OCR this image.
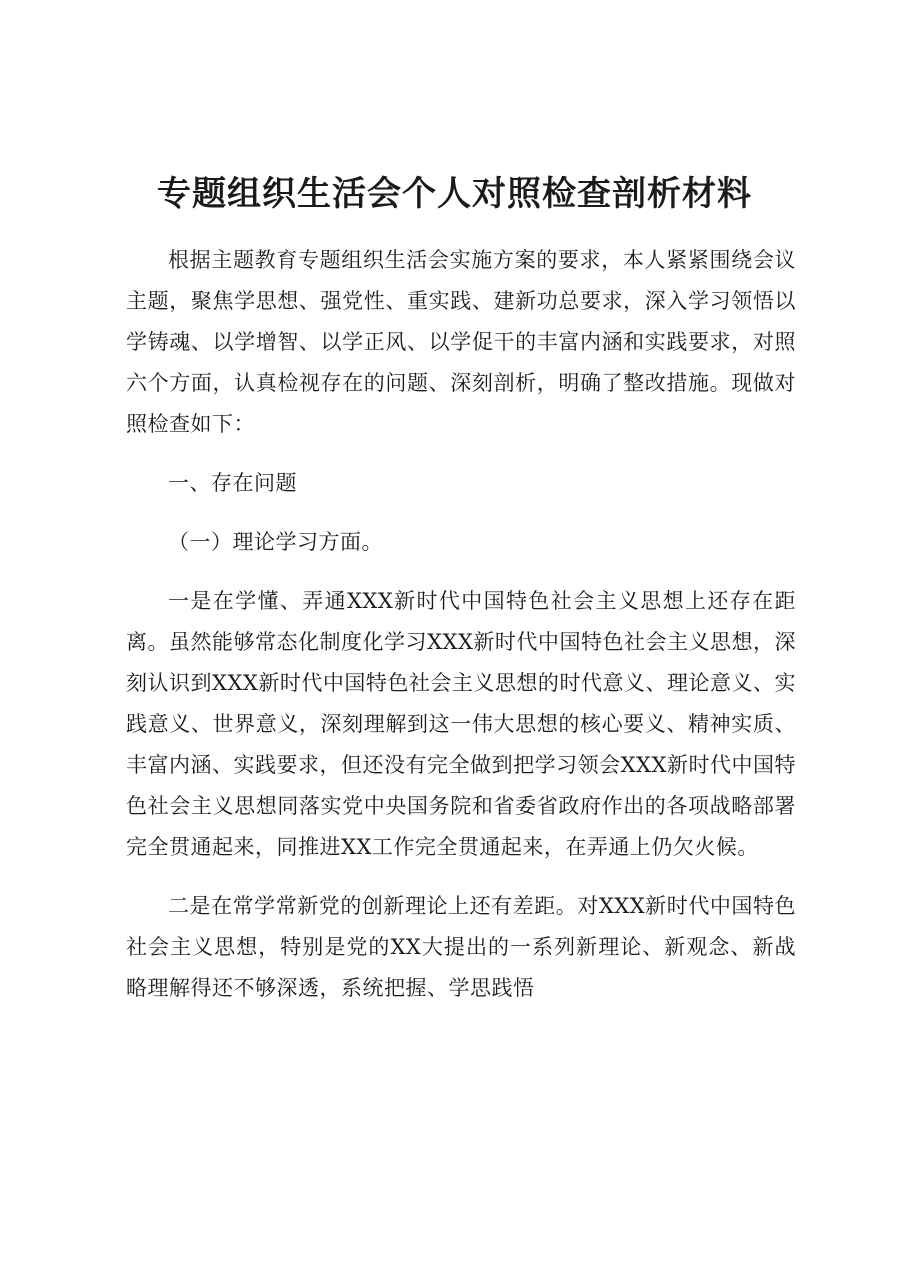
专题组织生活会个人对照检查剖析材料

根据主题教育专题组织生活会实施方案的要求，本人紧紧围绕会议主题，聚焦学思想、强党性、重实践、建新功总要求，深入学习领悟以学铸魂、以学增智、以学正风、以学促干的丰富内涵和实践要求，对照六个方面，认真检视存在的问题、深刻剖析，明确了整改措施。现做对照检查如下：

一、存在问题

（一）理论学习方面。

一是在学懂、弄通XXX新时代中国特色社会主义思想上还存在距离。虽然能够常态化制度化学习XXX新时代中国特色社会主义思想，深刻认识到XXX新时代中国特色社会主义思想的时代意义、理论意义、实践意义、世界意义，深刻理解到这一伟大思想的核心要义、精神实质、丰富内涵、实践要求，但还没有完全做到把学习领会XXX新时代中国特色社会主义思想同落实党中央国务院和省委省政府作出的各项战略部署完全贯通起来，同推进XX工作完全贯通起来，在弄通上仍欠火候。

二是在常学常新党的创新理论上还有差距。对XXX新时代中国特色社会主义思想，特别是党的XX大提出的一系列新理论、新观念、新战略理解得还不够深透，系统把握、学思践悟
